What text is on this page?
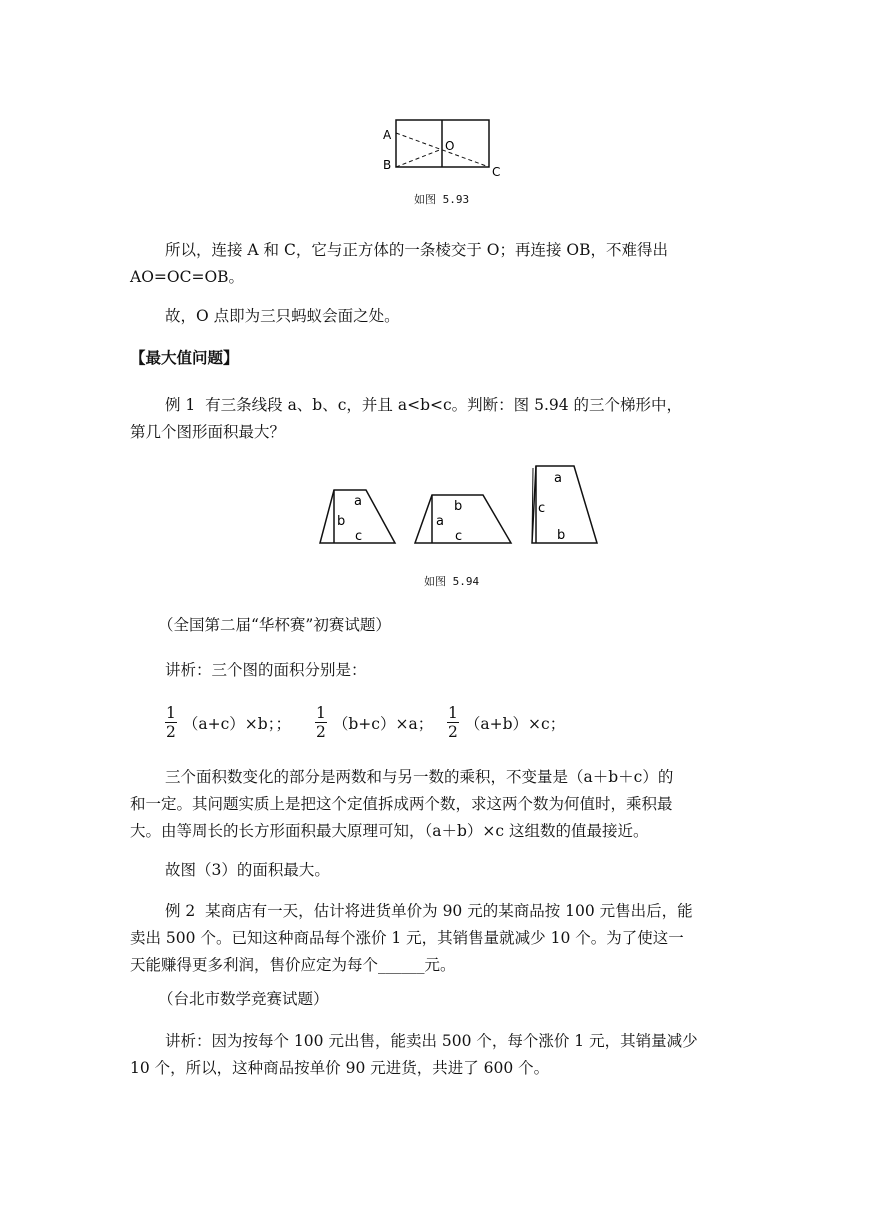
A
B
O
C
如图 5.93
所以，连接 A 和 C，它与正方体的一条棱交于 O；再连接 OB，不难得出
AO=OC=OB。
故，O 点即为三只蚂蚁会面之处。
【最大值问题】
例 1  有三条线段 a、b、c，并且 a<b<c。判断：图 5.94 的三个梯形中，
第几个图形面积最大？
a
b
c
b
a
c
a
c
b
如图 5.94
（全国第二届“华杯赛”初赛试题）
讲析：三个图的面积分别是：
$\frac{1}{2} (a+c)\times b$；； $\frac{1}{2} (b+c)\times a$； $\frac{1}{2} (a+b)\times c$；
三个面积数变化的部分是两数和与另一数的乘积，不变量是（a＋b＋c）的
和一定。其问题实质上是把这个定值拆成两个数，求这两个数为何值时，乘积最
大。由等周长的长方形面积最大原理可知，（a＋b）×c 这组数的值最接近。
故图（3）的面积最大。
例 2  某商店有一天，估计将进货单价为 90 元的某商品按 100 元售出后，能
卖出 500 个。已知这种商品每个涨价 1 元，其销售量就减少 10 个。为了使这一
天能赚得更多利润，售价应定为每个______元。
（台北市数学竞赛试题）
讲析：因为按每个 100 元出售，能卖出 500 个，每个涨价 1 元，其销量减少
10 个，所以，这种商品按单价 90 元进货，共进了 600 个。
